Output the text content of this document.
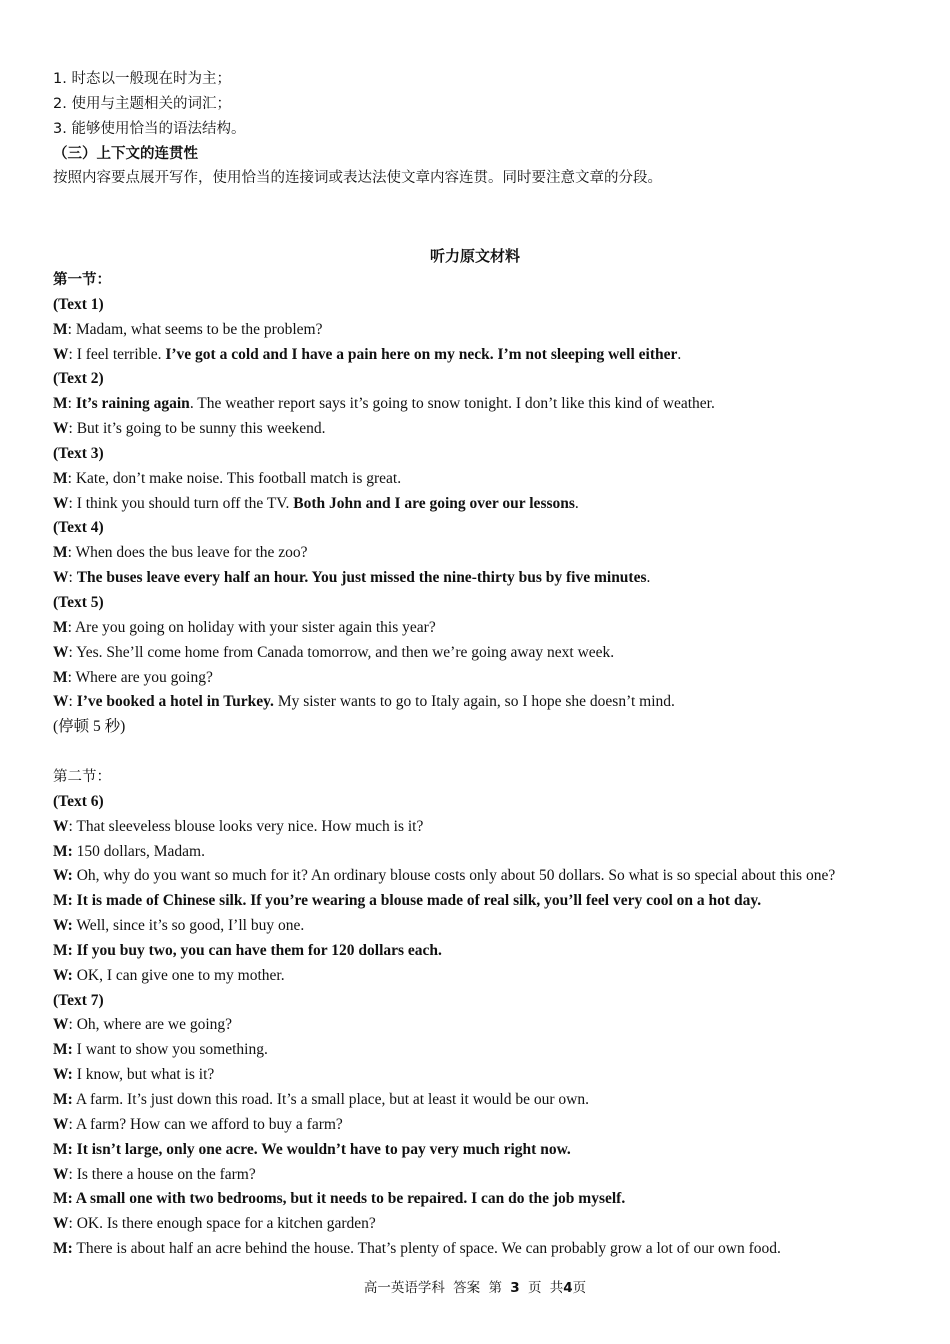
1. 时态以一般现在时为主；
2. 使用与主题相关的词汇；
3. 能够使用恰当的语法结构。
（三）上下文的连贯性
按照内容要点展开写作，使用恰当的连接词或表达法使文章内容连贯。同时要注意文章的分段。
听力原文材料
第一节：
(Text 1)
M: Madam, what seems to be the problem?
W: I feel terrible. I’ve got a cold and I have a pain here on my neck. I’m not sleeping well either.
(Text 2)
M: It’s raining again. The weather report says it’s going to snow tonight. I don’t like this kind of weather.
W: But it’s going to be sunny this weekend.
(Text 3)
M: Kate, don’t make noise. This football match is great.
W: I think you should turn off the TV. Both John and I are going over our lessons.
(Text 4)
M: When does the bus leave for the zoo?
W: The buses leave every half an hour. You just missed the nine-thirty bus by five minutes.
(Text 5)
M: Are you going on holiday with your sister again this year?
W: Yes. She’ll come home from Canada tomorrow, and then we’re going away next week.
M: Where are you going?
W: I’ve booked a hotel in Turkey. My sister wants to go to Italy again, so I hope she doesn’t mind.
(停顿 5 秒)
第二节：
(Text 6)
W: That sleeveless blouse looks very nice. How much is it?
M: 150 dollars, Madam.
W: Oh, why do you want so much for it? An ordinary blouse costs only about 50 dollars. So what is so special about this one?
M: It is made of Chinese silk. If you’re wearing a blouse made of real silk, you’ll feel very cool on a hot day.
W: Well, since it’s so good, I’ll buy one.
M: If you buy two, you can have them for 120 dollars each.
W: OK, I can give one to my mother.
(Text 7)
W: Oh, where are we going?
M: I want to show you something.
W: I know, but what is it?
M: A farm. It’s just down this road. It’s a small place, but at least it would be our own.
W: A farm? How can we afford to buy a farm?
M: It isn’t large, only one acre. We wouldn’t have to pay very much right now.
W: Is there a house on the farm?
M: A small one with two bedrooms, but it needs to be repaired. I can do the job myself.
W: OK. Is there enough space for a kitchen garden?
M: There is about half an acre behind the house. That’s plenty of space. We can probably grow a lot of our own food.
高一英语学科 答案 第 3 页 共4页
